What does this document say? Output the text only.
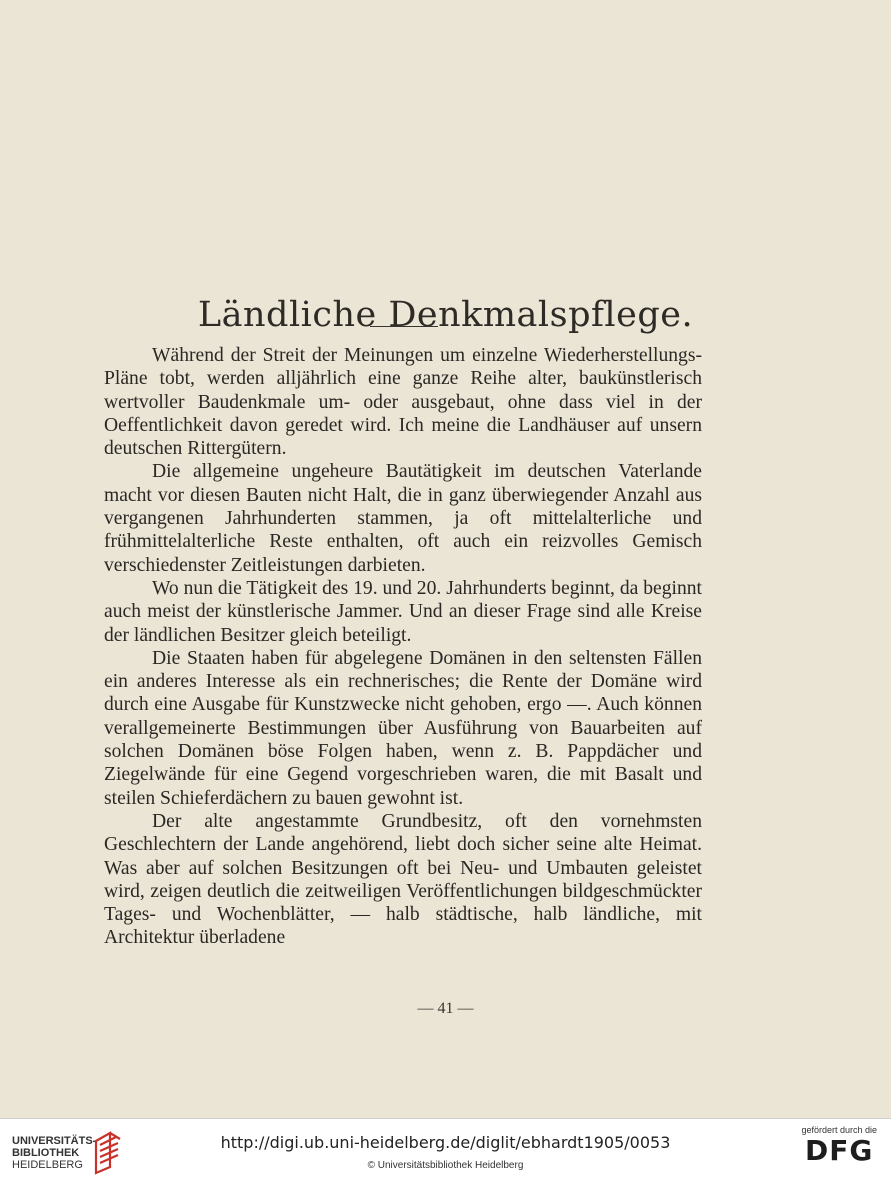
Ländliche Denkmalspflege.

Während der Streit der Meinungen um einzelne Wiederherstellungs-Pläne tobt, werden alljährlich eine ganze Reihe alter, baukünstlerisch wertvoller Baudenkmale um- oder ausgebaut, ohne dass viel in der Oeffentlichkeit davon geredet wird. Ich meine die Landhäuser auf unsern deutschen Rittergütern.

Die allgemeine ungeheure Bautätigkeit im deutschen Vaterlande macht vor diesen Bauten nicht Halt, die in ganz überwiegender Anzahl aus vergangenen Jahrhunderten stammen, ja oft mittelalterliche und frühmittelalterliche Reste enthalten, oft auch ein reizvolles Gemisch verschiedenster Zeitleistungen darbieten.

Wo nun die Tätigkeit des 19. und 20. Jahrhunderts beginnt, da beginnt auch meist der künstlerische Jammer. Und an dieser Frage sind alle Kreise der ländlichen Besitzer gleich beteiligt.

Die Staaten haben für abgelegene Domänen in den seltensten Fällen ein anderes Interesse als ein rechnerisches; die Rente der Domäne wird durch eine Ausgabe für Kunstzwecke nicht gehoben, ergo —. Auch können verallgemeinerte Bestimmungen über Ausführung von Bauarbeiten auf solchen Domänen böse Folgen haben, wenn z. B. Pappdächer und Ziegelwände für eine Gegend vorgeschrieben waren, die mit Basalt und steilen Schieferdächern zu bauen gewohnt ist.

Der alte angestammte Grundbesitz, oft den vornehmsten Geschlechtern der Lande angehörend, liebt doch sicher seine alte Heimat. Was aber auf solchen Besitzungen oft bei Neu- und Umbauten geleistet wird, zeigen deutlich die zeitweiligen Veröffentlichungen bildgeschmückter Tages- und Wochenblätter, — halb städtische, halb ländliche, mit Architektur überladene

— 41 —
UNIVERSITÄTS-
BIBLIOTHEK
HEIDELBERG
http://digi.ub.uni-heidelberg.de/diglit/ebhardt1905/0053
© Universitätsbibliothek Heidelberg
gefördert durch die
DFG
